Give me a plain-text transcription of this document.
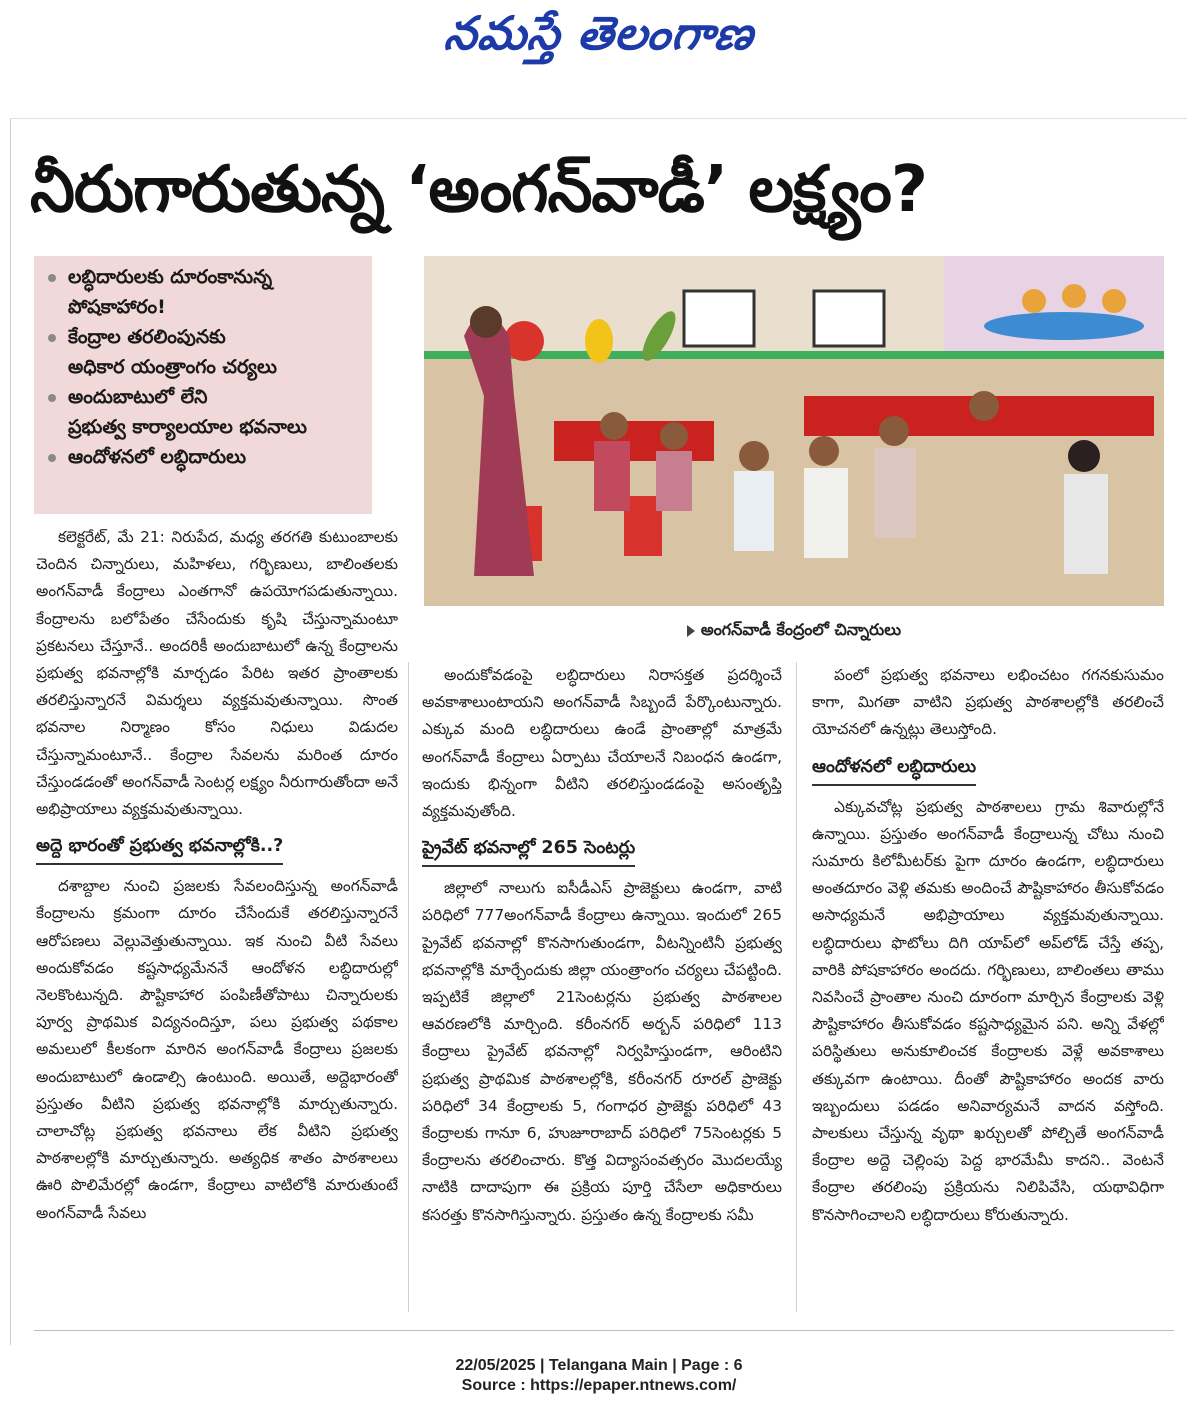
నమస్తే తెలంగాణ
నీరుగారుతున్న ‘అంగన్‌వాడీ’ లక్ష్యం?
లబ్ధిదారులకు దూరంకానున్న
పోషకాహారం!
కేంద్రాల తరలింపునకు
అధికార యంత్రాంగం చర్యలు
అందుబాటులో లేని
ప్రభుత్వ కార్యాలయాల భవనాలు
ఆందోళనలో లబ్ధిదారులు
అంగన్‌వాడీ కేంద్రంలో చిన్నారులు

కలెక్టరేట్, మే 21: నిరుపేద, మధ్య తరగతి కుటుంబాలకు చెందిన చిన్నారులు, మహిళలు, గర్భిణులు, బాలింతలకు అంగన్‌వాడీ కేంద్రాలు ఎంతగానో ఉపయోగపడుతున్నాయి. కేంద్రాలను బలోపేతం చేసేందుకు కృషి చేస్తున్నామంటూ ప్రకటనలు చేస్తూనే.. అందరికీ అందుబాటులో ఉన్న కేంద్రాలను ప్రభుత్వ భవనాల్లోకి మార్చడం పేరిట ఇతర ప్రాంతాలకు తరలిస్తున్నారనే విమర్శలు వ్యక్తమవుతున్నాయి. సొంత భవనాల నిర్మాణం కోసం నిధులు విడుదల చేస్తున్నామంటూనే.. కేంద్రాల సేవలను మరింత దూరం చేస్తుండడంతో అంగన్‌వాడీ సెంటర్ల లక్ష్యం నీరుగారుతోందా అనే అభిప్రాయాలు వ్యక్తమవుతున్నాయి.

అద్దె భారంతో ప్రభుత్వ భవనాల్లోకి..?

దశాబ్దాల నుంచి ప్రజలకు సేవలందిస్తున్న అంగన్‌వాడీ కేంద్రాలను క్రమంగా దూరం చేసేందుకే తరలిస్తున్నారనే ఆరోపణలు వెల్లువెత్తుతున్నాయి. ఇక నుంచి వీటి సేవలు అందుకోవడం కష్టసాధ్యమేననే ఆందోళన లబ్ధిదారుల్లో నెలకొంటున్నది. పౌష్టికాహార పంపిణీతోపాటు చిన్నారులకు పూర్వ ప్రాథమిక విద్యనందిస్తూ, పలు ప్రభుత్వ పథకాల అమలులో కీలకంగా మారిన అంగన్‌వాడీ కేంద్రాలు ప్రజలకు అందుబాటులో ఉండాల్సి ఉంటుంది. అయితే, అద్దెభారంతో ప్రస్తుతం వీటిని ప్రభుత్వ భవనాల్లోకి మార్చుతున్నారు. చాలాచోట్ల ప్రభుత్వ భవనాలు లేక వీటిని ప్రభుత్వ పాఠశాలల్లోకి మార్చుతున్నారు. అత్యధిక శాతం పాఠశాలలు ఊరి పొలిమేరల్లో ఉండగా, కేంద్రాలు వాటిలోకి మారుతుంటే అంగన్‌వాడీ సేవలు

అందుకోవడంపై లబ్ధిదారులు నిరాసక్తత ప్రదర్శించే అవకాశాలుంటాయని అంగన్‌వాడీ సిబ్బందే పేర్కొంటున్నారు. ఎక్కువ మంది లబ్ధిదారులు ఉండే ప్రాంతాల్లో మాత్రమే అంగన్‌వాడీ కేంద్రాలు ఏర్పాటు చేయాలనే నిబంధన ఉండగా, ఇందుకు భిన్నంగా వీటిని తరలిస్తుండడంపై అసంతృప్తి వ్యక్తమవుతోంది.

ప్రైవేట్ భవనాల్లో 265 సెంటర్లు

జిల్లాలో నాలుగు ఐసీడీఎస్ ప్రాజెక్టులు ఉండగా, వాటి పరిధిలో 777అంగన్‌వాడీ కేంద్రాలు ఉన్నాయి. ఇందులో 265 ప్రైవేట్ భవనాల్లో కొనసాగుతుండగా, వీటన్నింటినీ ప్రభుత్వ భవనాల్లోకి మార్చేందుకు జిల్లా యంత్రాంగం చర్యలు చేపట్టింది. ఇప్పటికే జిల్లాలో 21సెంటర్లను ప్రభుత్వ పాఠశాలల ఆవరణలోకి మార్చింది. కరీంనగర్ అర్బన్ పరిధిలో 113 కేంద్రాలు ప్రైవేట్ భవనాల్లో నిర్వహిస్తుండగా, ఆరింటిని ప్రభుత్వ ప్రాథమిక పాఠశాలల్లోకి, కరీంనగర్ రూరల్ ప్రాజెక్టు పరిధిలో 34 కేంద్రాలకు 5, గంగాధర ప్రాజెక్టు పరిధిలో 43 కేంద్రాలకు గానూ 6, హుజూరాబాద్ పరిధిలో 75సెంటర్లకు 5 కేంద్రాలను తరలించారు. కొత్త విద్యాసంవత్సరం మొదలయ్యే నాటికి దాదాపుగా ఈ ప్రక్రియ పూర్తి చేసేలా అధికారులు కసరత్తు కొనసాగిస్తున్నారు. ప్రస్తుతం ఉన్న కేంద్రాలకు సమీ

పంలో ప్రభుత్వ భవనాలు లభించటం గగనకుసుమం కాగా, మిగతా వాటిని ప్రభుత్వ పాఠశాలల్లోకి తరలించే యోచనలో ఉన్నట్లు తెలుస్తోంది.

ఆందోళనలో లబ్ధిదారులు

ఎక్కువచోట్ల ప్రభుత్వ పాఠశాలలు గ్రామ శివారుల్లోనే ఉన్నాయి. ప్రస్తుతం అంగన్‌వాడీ కేంద్రాలున్న చోటు నుంచి సుమారు కిలోమీటర్‌కు పైగా దూరం ఉండగా, లబ్ధిదారులు అంతదూరం వెళ్లి తమకు అందించే పౌష్టికాహారం తీసుకోవడం అసాధ్యమనే అభిప్రాయాలు వ్యక్తమవుతున్నాయి. లబ్ధిదారులు ఫొటోలు దిగి యాప్‌లో అప్‌లోడ్ చేస్తే తప్ప, వారికి పోషకాహారం అందదు. గర్భిణులు, బాలింతలు తాము నివసించే ప్రాంతాల నుంచి దూరంగా మార్చిన కేంద్రాలకు వెళ్లి పౌష్టికాహారం తీసుకోవడం కష్టసాధ్యమైన పని. అన్ని వేళల్లో పరిస్థితులు అనుకూలించక కేంద్రాలకు వెళ్లే అవకాశాలు తక్కువగా ఉంటాయి. దీంతో పౌష్టికాహారం అందక వారు ఇబ్బందులు పడడం అనివార్యమనే వాదన వస్తోంది. పాలకులు చేస్తున్న వృథా ఖర్చులతో పోల్చితే అంగన్‌వాడీ కేంద్రాల అద్దె చెల్లింపు పెద్ద భారమేమీ కాదని.. వెంటనే కేంద్రాల తరలింపు ప్రక్రియను నిలిపివేసి, యథావిధిగా కొనసాగించాలని లబ్ధిదారులు కోరుతున్నారు.

22/05/2025 | Telangana Main | Page : 6
Source : https://epaper.ntnews.com/
